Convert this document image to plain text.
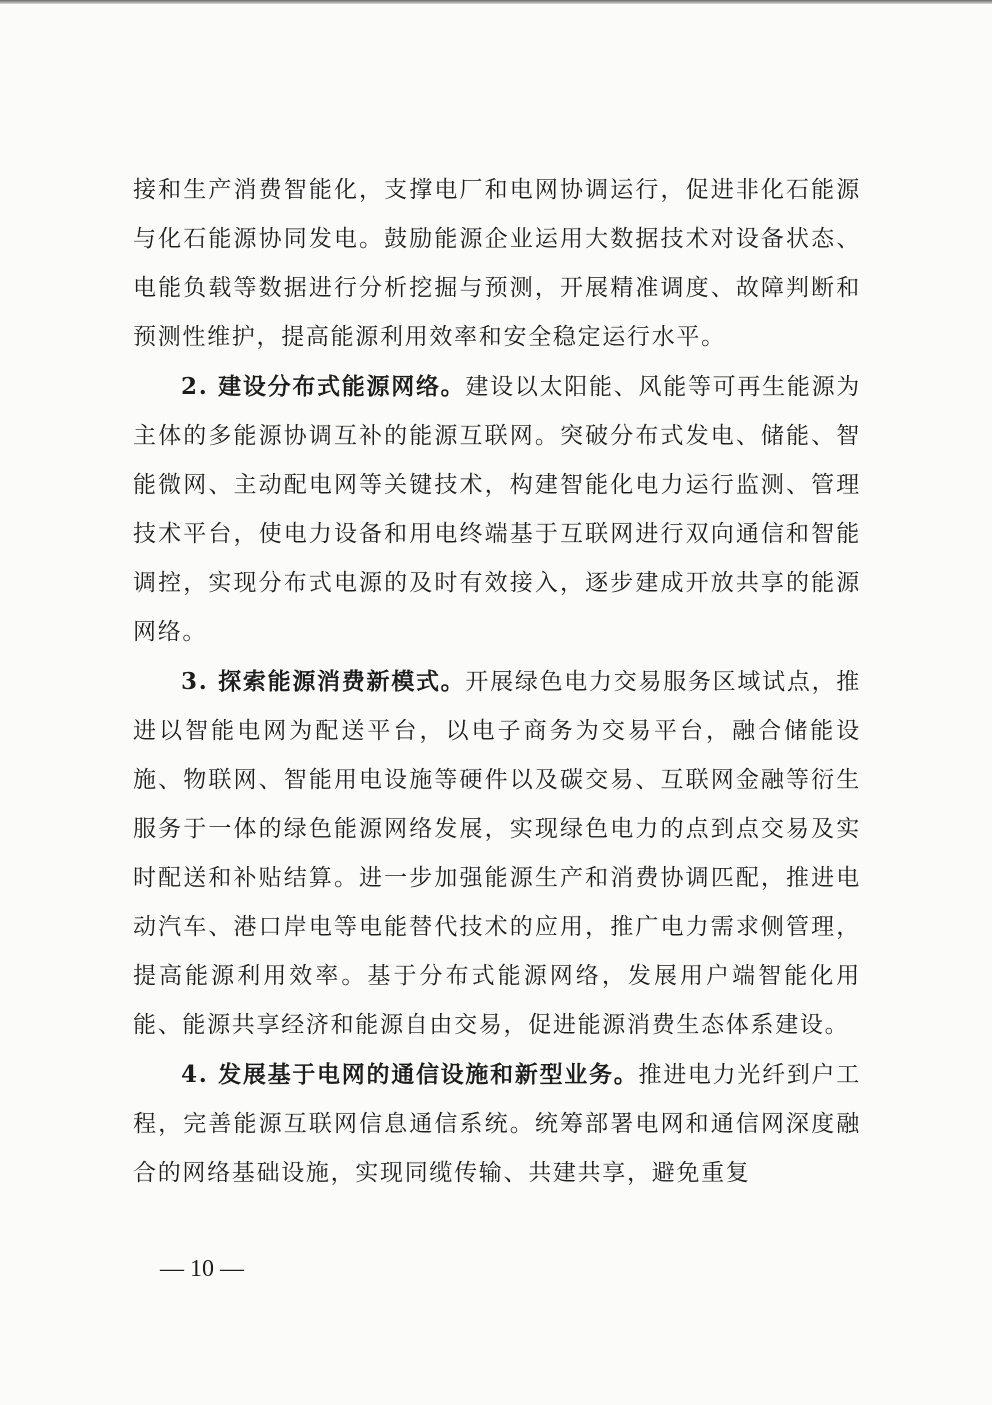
接和生产消费智能化，支撑电厂和电网协调运行，促进非化石能源与化石能源协同发电。鼓励能源企业运用大数据技术对设备状态、电能负载等数据进行分析挖掘与预测，开展精准调度、故障判断和预测性维护，提高能源利用效率和安全稳定运行水平。

2. 建设分布式能源网络。建设以太阳能、风能等可再生能源为主体的多能源协调互补的能源互联网。突破分布式发电、储能、智能微网、主动配电网等关键技术，构建智能化电力运行监测、管理技术平台，使电力设备和用电终端基于互联网进行双向通信和智能调控，实现分布式电源的及时有效接入，逐步建成开放共享的能源网络。

3. 探索能源消费新模式。开展绿色电力交易服务区域试点，推进以智能电网为配送平台，以电子商务为交易平台，融合储能设施、物联网、智能用电设施等硬件以及碳交易、互联网金融等衍生服务于一体的绿色能源网络发展，实现绿色电力的点到点交易及实时配送和补贴结算。进一步加强能源生产和消费协调匹配，推进电动汽车、港口岸电等电能替代技术的应用，推广电力需求侧管理，提高能源利用效率。基于分布式能源网络，发展用户端智能化用能、能源共享经济和能源自由交易，促进能源消费生态体系建设。

4. 发展基于电网的通信设施和新型业务。推进电力光纤到户工程，完善能源互联网信息通信系统。统筹部署电网和通信网深度融合的网络基础设施，实现同缆传输、共建共享，避免重复

— 10 —
